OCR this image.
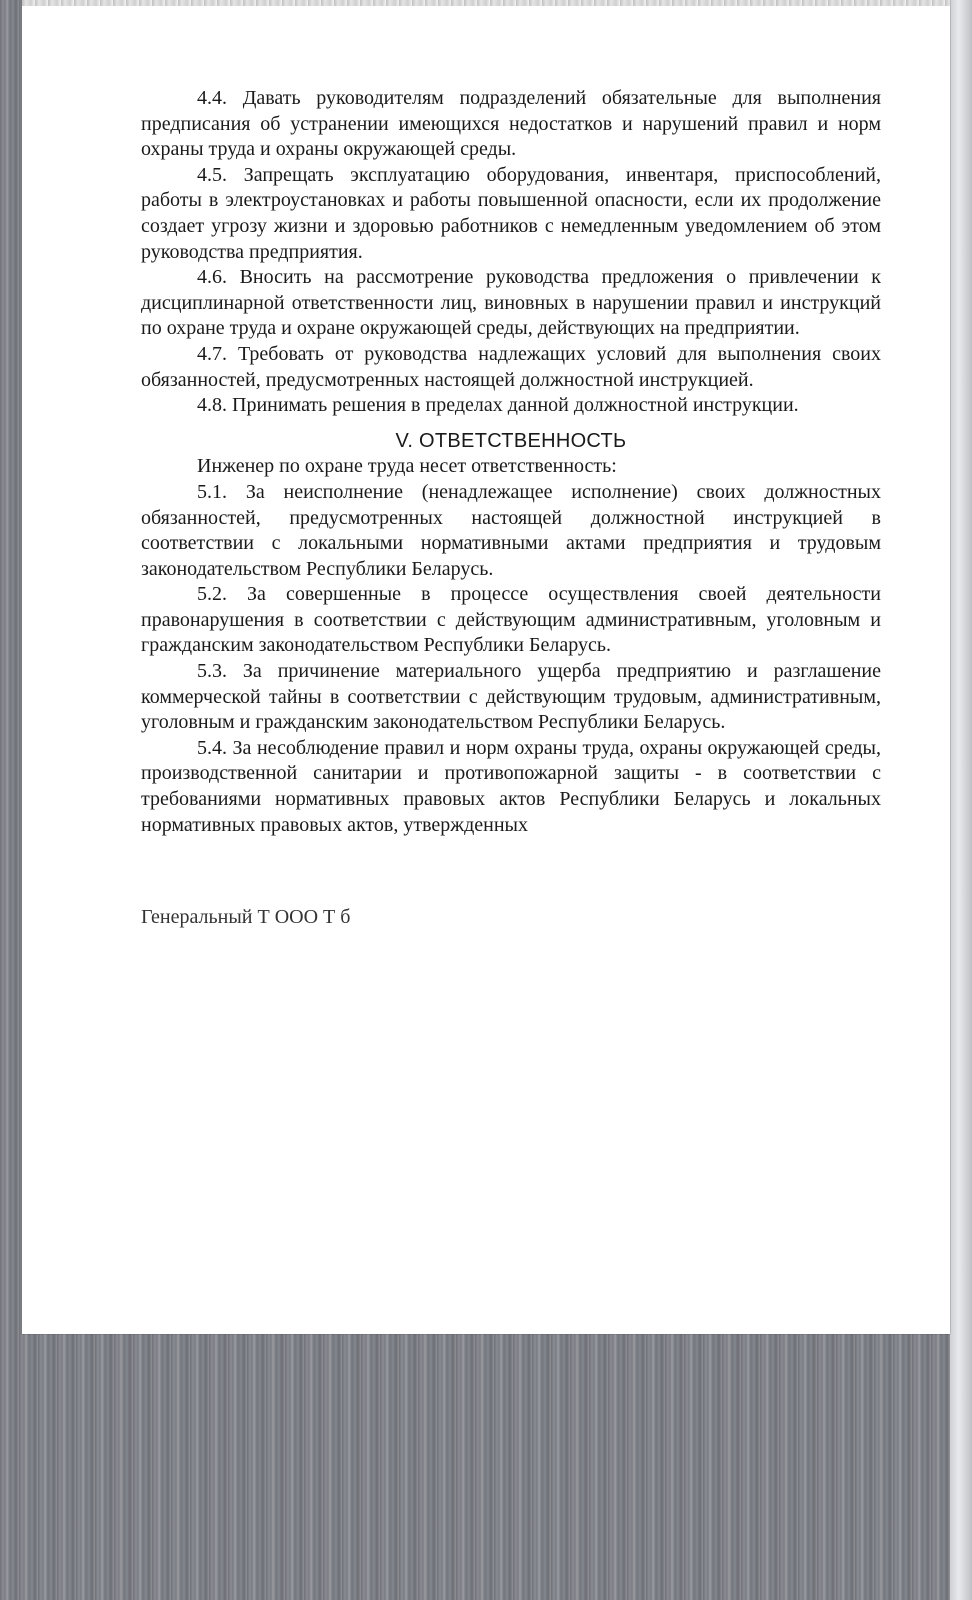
4.4. Давать руководителям подразделений обязательные для выполнения предписания об устранении имеющихся недостатков и нарушений правил и норм охраны труда и охраны окружающей среды.

4.5. Запрещать эксплуатацию оборудования, инвентаря, приспособлений, работы в электроустановках и работы повышенной опасности, если их продолжение создает угрозу жизни и здоровью работников с немедленным уведомлением об этом руководства предприятия.

4.6. Вносить на рассмотрение руководства предложения о привлечении к дисциплинарной ответственности лиц, виновных в нарушении правил и инструкций по охране труда и охране окружающей среды, действующих на предприятии.

4.7. Требовать от руководства надлежащих условий для выполнения своих обязанностей, предусмотренных настоящей должностной инструкцией.

4.8. Принимать решения в пределах данной должностной инструкции.

V. ОТВЕТСТВЕННОСТЬ

Инженер по охране труда несет ответственность:

5.1. За неисполнение (ненадлежащее исполнение) своих должностных обязанностей, предусмотренных настоящей должностной инструкцией в соответствии с локальными нормативными актами предприятия и трудовым законодательством Республики Беларусь.

5.2. За совершенные в процессе осуществления своей деятельности правонарушения в соответствии с действующим административным, уголовным и гражданским законодательством Республики Беларусь.

5.3. За причинение материального ущерба предприятию и разглашение коммерческой тайны в соответствии с действующим трудовым, административным, уголовным и гражданским законодательством Республики Беларусь.

5.4. За несоблюдение правил и норм охраны труда, охраны окружающей среды, производственной санитарии и противопожарной защиты - в соответствии с требованиями нормативных правовых актов Республики Беларусь и локальных нормативных правовых актов, утвержденных

Генеральный Т ООО Т б
